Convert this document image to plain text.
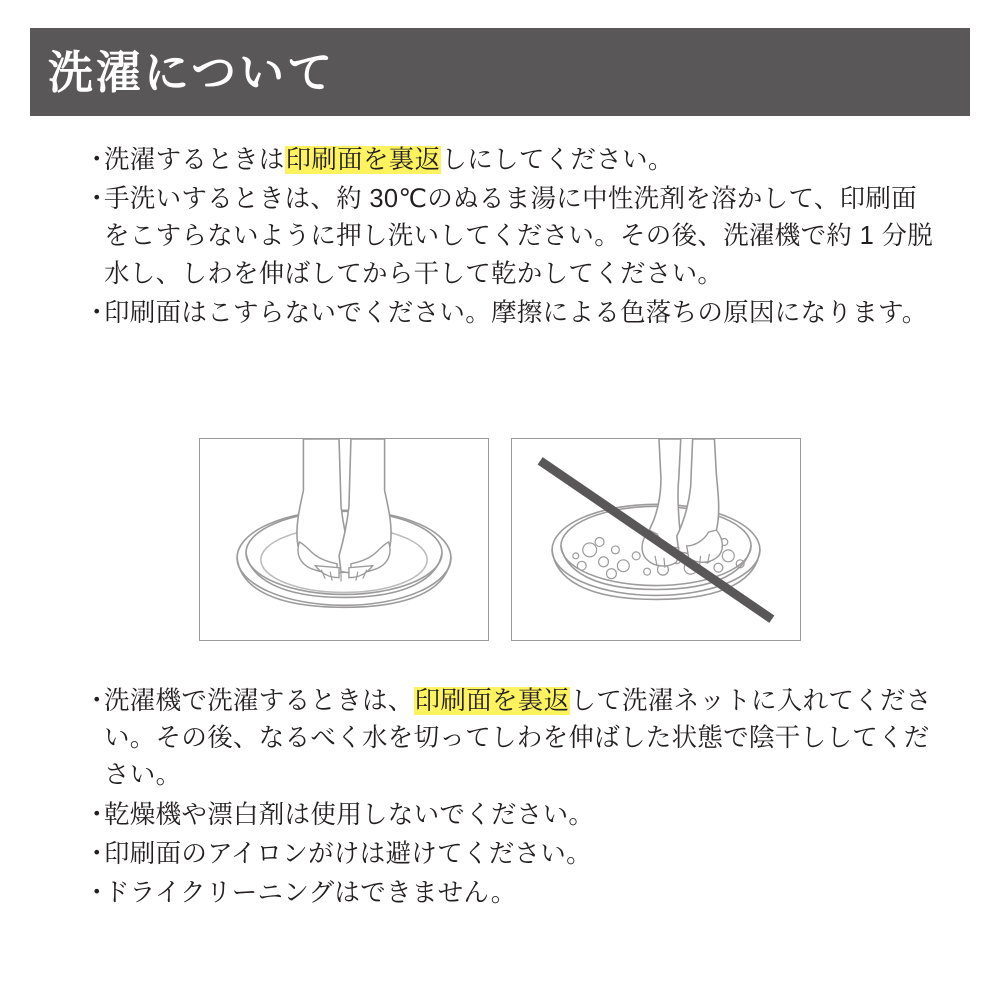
洗濯について
・
洗濯するときは印刷面を裏返しにしてください。
・
手洗いするときは、約 30℃のぬるま湯に中性洗剤を溶かして、印刷面をこすらないように押し洗いしてください。その後、洗濯機で約 1 分脱水し、しわを伸ばしてから干して乾かしてください。
・
印刷面はこすらないでください。摩擦による色落ちの原因になります。
・
洗濯機で洗濯するときは、印刷面を裏返して洗濯ネットに入れてください。その後、なるべく水を切ってしわを伸ばした状態で陰干ししてください。
・
乾燥機や漂白剤は使用しないでください。
・
印刷面のアイロンがけは避けてください。
・
ドライクリーニングはできません。
